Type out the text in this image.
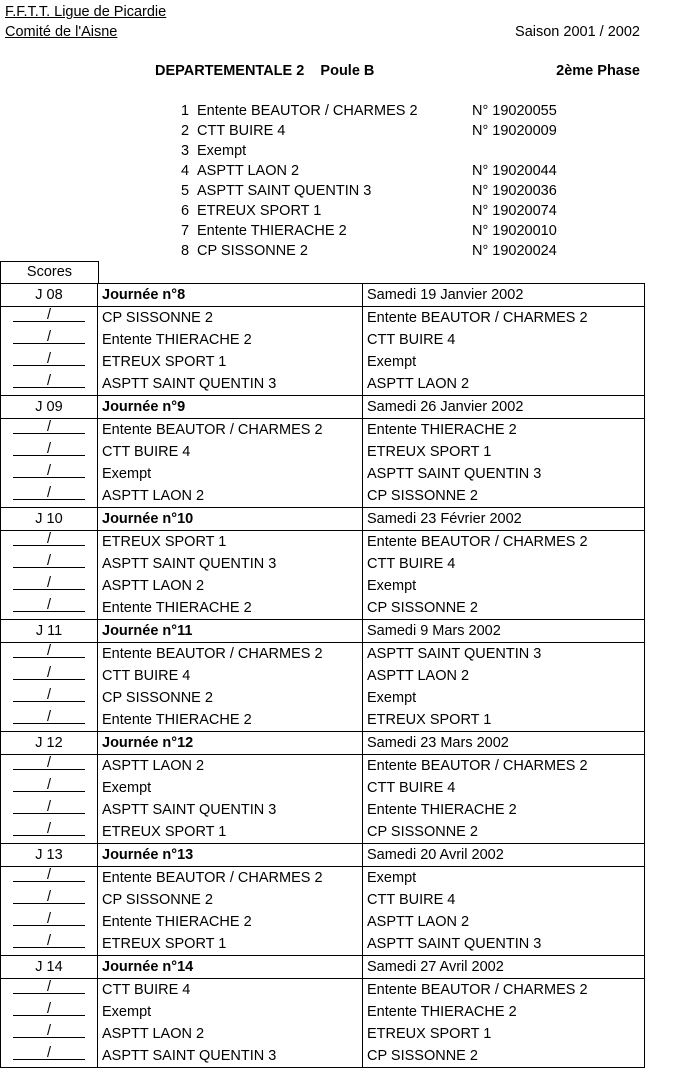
F.F.T.T. Ligue de Picardie
Comité de l'Aisne	Saison 2001 / 2002
DEPARTEMENTALE 2    Poule B	2ème Phase
1 Entente BEAUTOR / CHARMES 2	N° 19020055
2 CTT BUIRE 4	N° 19020009
3 Exempt
4 ASPTT LAON 2	N° 19020044
5 ASPTT SAINT QUENTIN 3	N° 19020036
6 ETREUX SPORT 1	N° 19020074
7 Entente THIERACHE 2	N° 19020010
8 CP SISSONNE 2	N° 19020024
Scores
J 08	Journée n°8	Samedi 19 Janvier 2002
/	CP SISSONNE 2	Entente BEAUTOR / CHARMES 2
/	Entente THIERACHE 2	CTT BUIRE 4
/	ETREUX SPORT 1	Exempt
/	ASPTT SAINT QUENTIN 3	ASPTT LAON 2
J 09	Journée n°9	Samedi 26 Janvier 2002
/	Entente BEAUTOR / CHARMES 2	Entente THIERACHE 2
/	CTT BUIRE 4	ETREUX SPORT 1
/	Exempt	ASPTT SAINT QUENTIN 3
/	ASPTT LAON 2	CP SISSONNE 2
J 10	Journée n°10	Samedi 23 Février 2002
/	ETREUX SPORT 1	Entente BEAUTOR / CHARMES 2
/	ASPTT SAINT QUENTIN 3	CTT BUIRE 4
/	ASPTT LAON 2	Exempt
/	Entente THIERACHE 2	CP SISSONNE 2
J 11	Journée n°11	Samedi 9 Mars 2002
/	Entente BEAUTOR / CHARMES 2	ASPTT SAINT QUENTIN 3
/	CTT BUIRE 4	ASPTT LAON 2
/	CP SISSONNE 2	Exempt
/	Entente THIERACHE 2	ETREUX SPORT 1
J 12	Journée n°12	Samedi 23 Mars 2002
/	ASPTT LAON 2	Entente BEAUTOR / CHARMES 2
/	Exempt	CTT BUIRE 4
/	ASPTT SAINT QUENTIN 3	Entente THIERACHE 2
/	ETREUX SPORT 1	CP SISSONNE 2
J 13	Journée n°13	Samedi 20 Avril 2002
/	Entente BEAUTOR / CHARMES 2	Exempt
/	CP SISSONNE 2	CTT BUIRE 4
/	Entente THIERACHE 2	ASPTT LAON 2
/	ETREUX SPORT 1	ASPTT SAINT QUENTIN 3
J 14	Journée n°14	Samedi 27 Avril 2002
/	CTT BUIRE 4	Entente BEAUTOR / CHARMES 2
/	Exempt	Entente THIERACHE 2
/	ASPTT LAON 2	ETREUX SPORT 1
/	ASPTT SAINT QUENTIN 3	CP SISSONNE 2
